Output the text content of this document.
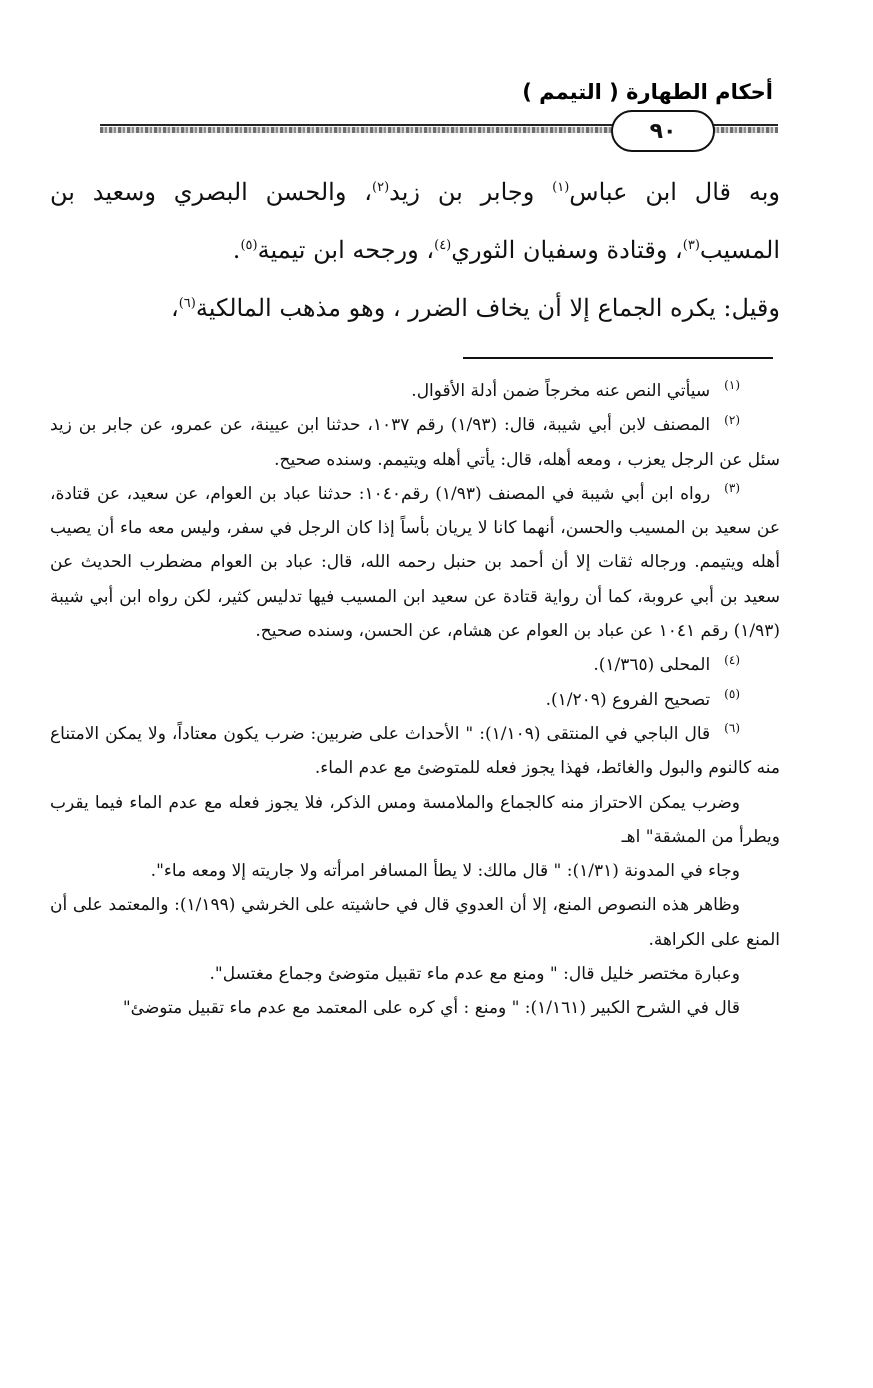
أحكام الطهارة ( التيمم )
٩٠

وبه قال ابن عباس$^{(١)}$ وجابر بن زيد$^{(٢)}$، والحسن البصري وسعيد بن المسيب$^{(٣)}$، وقتادة وسفيان الثوري$^{(٤)}$، ورجحه ابن تيمية$^{(٥)}$.

وقيل: يكره الجماع إلا أن يخاف الضرر ، وهو مذهب المالكية$^{(٦)}$،

$^{(١)}$سيأتي النص عنه مخرجاً ضمن أدلة الأقوال.

$^{(٢)}$المصنف لابن أبي شيبة، قال: (١/٩٣) رقم ١٠٣٧، حدثنا ابن عيينة، عن عمرو، عن جابر بن زيد سئل عن الرجل يعزب ، ومعه أهله، قال: يأتي أهله ويتيمم. وسنده صحيح.

$^{(٣)}$رواه ابن أبي شيبة في المصنف (١/٩٣) رقم١٠٤٠: حدثنا عباد بن العوام، عن سعيد، عن قتادة، عن سعيد بن المسيب والحسن، أنهما كانا لا يريان بأساً إذا كان الرجل في سفر، وليس معه ماء أن يصيب أهله ويتيمم. ورجاله ثقات إلا أن أحمد بن حنبل رحمه الله، قال: عباد بن العوام مضطرب الحديث عن سعيد بن أبي عروبة، كما أن رواية قتادة عن سعيد ابن المسيب فيها تدليس كثير، لكن رواه ابن أبي شيبة (١/٩٣) رقم ١٠٤١ عن عباد بن العوام عن هشام، عن الحسن، وسنده صحيح.

$^{(٤)}$المحلى (١/٣٦٥).

$^{(٥)}$تصحيح الفروع (١/٢٠٩).

$^{(٦)}$قال الباجي في المنتقى (١/١٠٩): " الأحداث على ضربين: ضرب يكون معتاداً، ولا يمكن الامتناع منه كالنوم والبول والغائط، فهذا يجوز فعله للمتوضئ مع عدم الماء.

وضرب يمكن الاحتراز منه كالجماع والملامسة ومس الذكر، فلا يجوز فعله مع عدم الماء فيما يقرب ويطرأ من المشقة" اهـ

وجاء في المدونة (١/٣١): " قال مالك: لا يطأ المسافر امرأته ولا جاريته إلا ومعه ماء".

وظاهر هذه النصوص المنع، إلا أن العدوي قال في حاشيته على الخرشي (١/١٩٩): والمعتمد على أن المنع على الكراهة.

وعبارة مختصر خليل قال: " ومنع مع عدم ماء تقبيل متوضئ وجماع مغتسل".

قال في الشرح الكبير (١/١٦١): " ومنع : أي كره على المعتمد مع عدم ماء تقبيل متوضئ"
